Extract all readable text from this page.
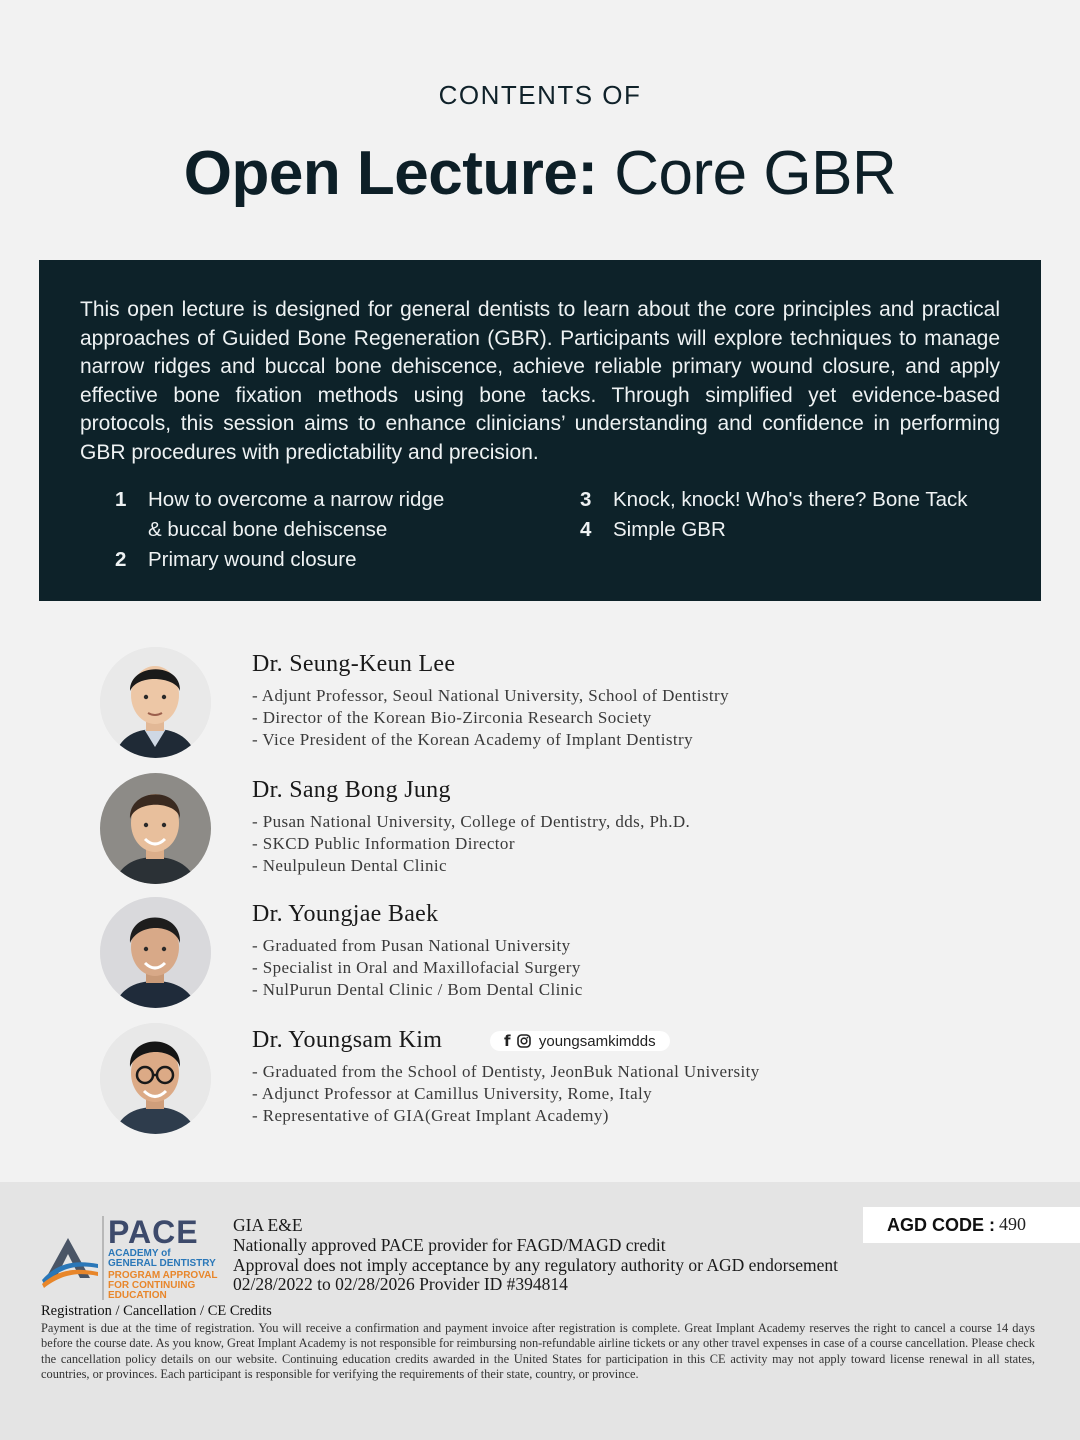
CONTENTS OF
Open Lecture: Core GBR

This open lecture is designed for general dentists to learn about the core principles and practical approaches of Guided Bone Regeneration (GBR). Participants will explore techniques to manage narrow ridges and buccal bone dehiscence, achieve reliable primary wound closure, and apply effective bone fixation methods using bone tacks. Through simplified yet evidence-based protocols, this session aims to enhance clinicians’ understanding and confidence in performing GBR procedures with predictability and precision.

1 How to overcome a narrow ridge
& buccal bone dehiscense
2 Primary wound closure
3 Knock, knock! Who's there? Bone Tack
4 Simple GBR
Dr. Seung-Keun Lee
- Adjunt Professor, Seoul National University, School of Dentistry
- Director of the Korean Bio-Zirconia Research Society
- Vice President of the Korean Academy of Implant Dentistry
Dr. Sang Bong Jung
- Pusan National University, College of Dentistry, dds, Ph.D.
- SKCD Public Information Director
- Neulpuleun Dental Clinic
Dr. Youngjae Baek
- Graduated from Pusan National University
- Specialist in Oral and Maxillofacial Surgery
- NulPurun Dental Clinic / Bom Dental Clinic
Dr. Youngsam Kim	f youngsamkimdds
- Graduated from the School of Dentisty, JeonBuk National University
- Adjunct Professor at Camillus University, Rome, Italy
- Representative of GIA(Great Implant Academy)
PACE
ACADEMY of
GENERAL DENTISTRY
PROGRAM APPROVAL FOR CONTINUING EDUCATION
GIA E&E
Nationally approved PACE provider for FAGD/MAGD credit
Approval does not imply acceptance by any regulatory authority or AGD endorsement
02/28/2022 to 02/28/2026 Provider ID #394814
AGD CODE : 490
Registration / Cancellation / CE Credits

Payment is due at the time of registration. You will receive a confirmation and payment invoice after registration is complete. Great Implant Academy reserves the right to cancel a course 14 days before the course date. As you know, Great Implant Academy is not responsible for reimbursing non-refundable airline tickets or any other travel expenses in case of a course cancellation. Please check the cancellation policy details on our website. Continuing education credits awarded in the United States for participation in this CE activity may not apply toward license renewal in all states, countries, or provinces. Each participant is responsible for verifying the requirements of their state, country, or province.
